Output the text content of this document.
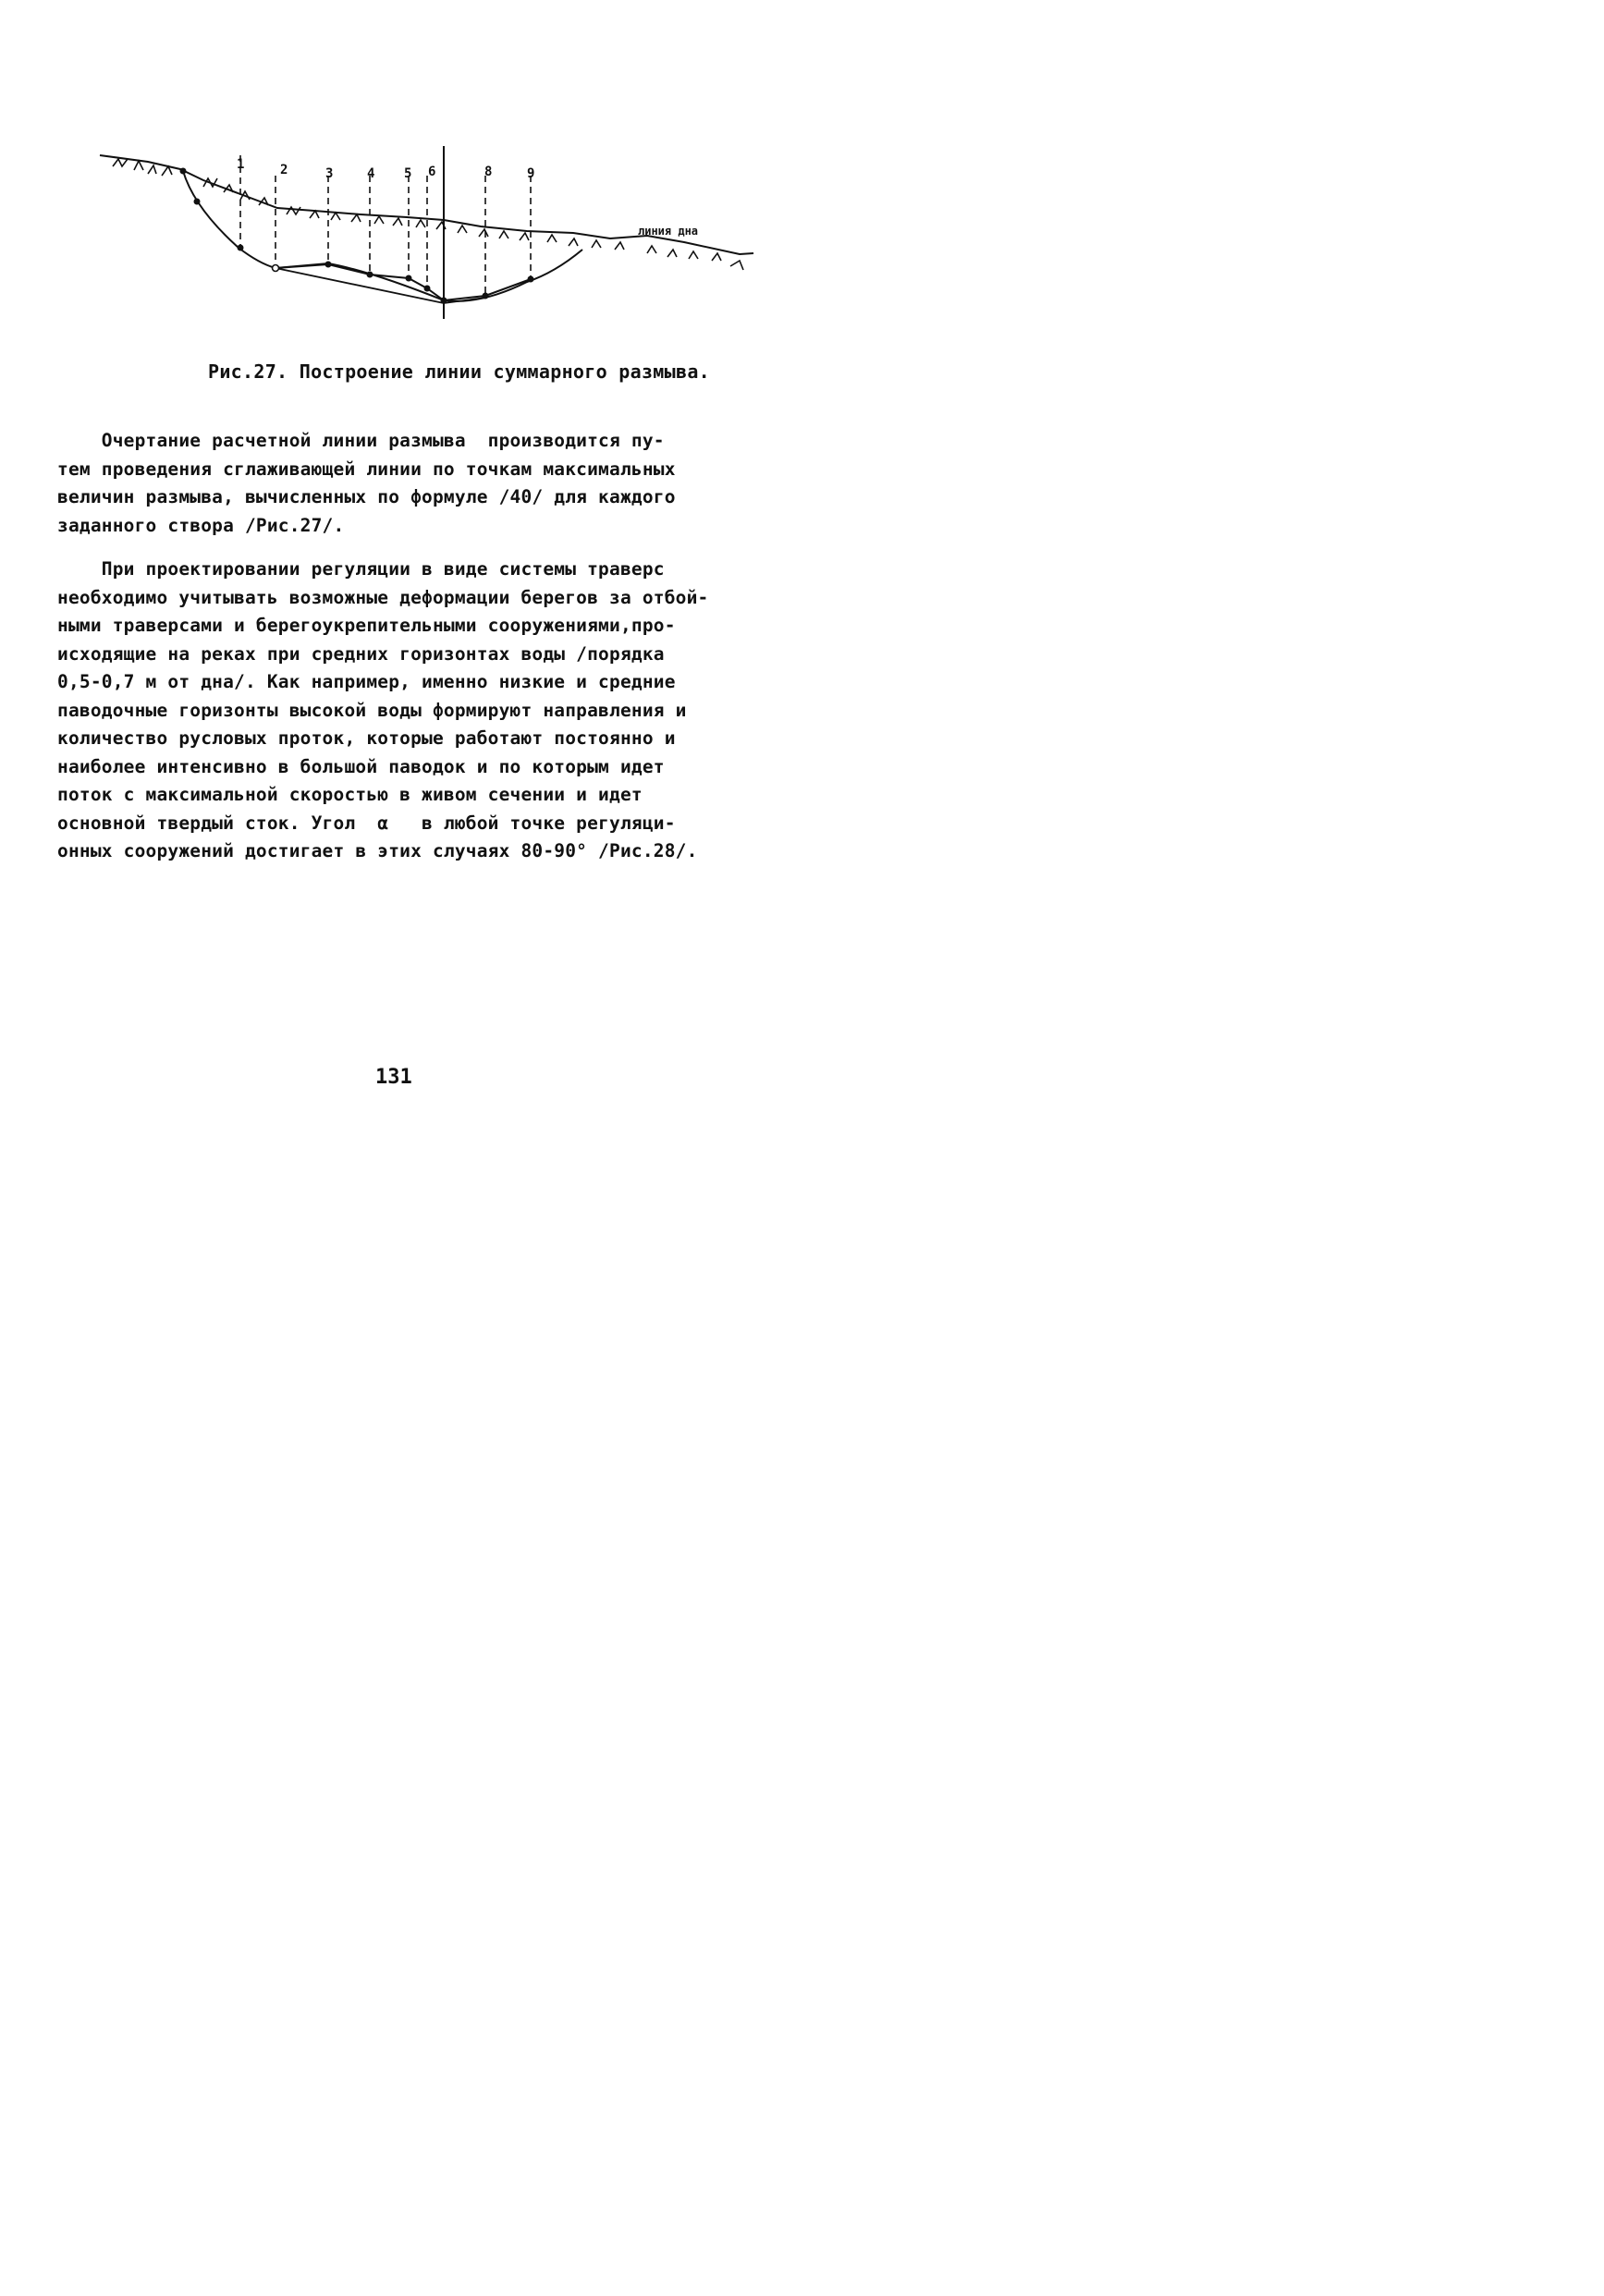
1	2	3	4 5 6	8	9
линия дна
Рис.27. Построение линии суммарного размыва.
Очертание расчетной линии размыва  производится пу-
тем проведения сглаживающей линии по точкам максимальных
величин размыва, вычисленных по формуле /40/ для каждого
заданного створа /Рис.27/.
При проектировании регуляции в виде системы траверс
необходимо учитывать возможные деформации берегов за отбой-
ными траверсами и берегоукрепительными сооружениями,про-
исходящие на реках при средних горизонтах воды /порядка
0,5-0,7 м от дна/. Как например, именно низкие и средние
паводочные горизонты высокой воды формируют направления и
количество русловых проток, которые работают постоянно и
наиболее интенсивно в большой паводок и по которым идет
поток с максимальной скоростью в живом сечении и идет
основной твердый сток. Угол  α   в любой точке регуляци-
онных сооружений достигает в этих случаях 80-90° /Рис.28/.
131
